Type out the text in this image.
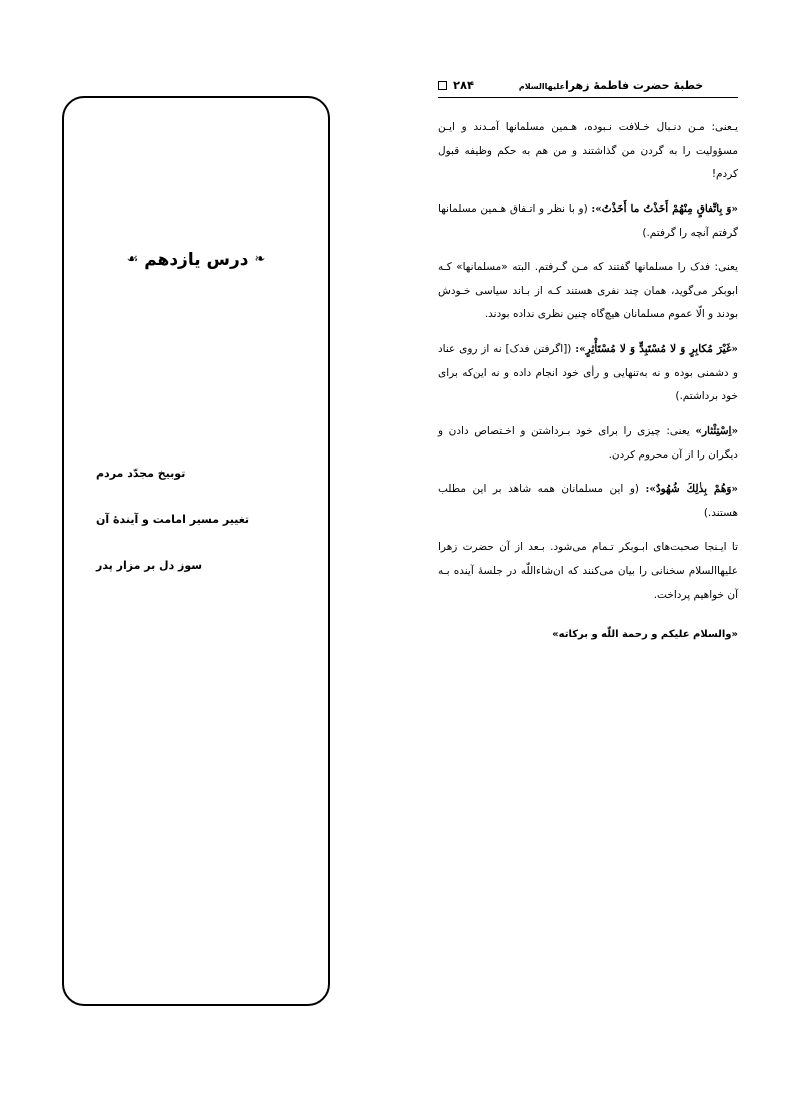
۲۸۴	خطبهٔ حضرت فاطمهٔ زهراعلیهاالسلام

یـعنی: مـن دنـبال خـلافت نـبوده، هـمین مسلمانها آمـدند و ایـن مسؤولیت را به گردن من گذاشتند و من هم به حکم وظیفه قبول کردم!

«وَ بِاتِّفاقٍ مِنْهُمْ أَخَذْتُ ما أَخَذْتُ»: (و با نظر و اتـفاق هـمین مسلمانها گرفتم آنچه را گرفتم.)

یعنی: فدک را مسلمانها گفتند که مـن گـرفتم. البته «مسلمانها» کـه ابوبکر می‌گوید، همان چند نفری هستند کـه از بـاند سیاسی خـودش بودند و الّا عموم مسلمانان هیچ‌گاه چنین نظری نداده بودند.

«غَیْرَ مُکابِرٍ وَ لا مُسْتَبِدٍّ وَ لا مُسْتَأْثِرٍ»: ([اگرفتن فدک] نه از روی عناد و دشمنی بوده و نه به‌تنهایی و رأی خود انجام داده و نه این‌که برای خود برداشتم.)

«اِسْتِئْثار» یعنی: چیزی را برای خود بـرداشتن و اخـتصاص دادن و دیگران را از آن محروم کردن.

«وَهُمْ بِذٰلِكَ شُهُودٌ»: (و این مسلمانان همه شاهد بر این مطلب هستند.)

تا ایـنجا صحبت‌های ابـوبکر تـمام می‌شود. بـعد از آن حضرت زهرا علیهاالسلام سخنانی را بیان می‌کنند که ان‌شاءاللّٰه در جلسهٔ آینده بـه آن خواهیم پرداخت.

«والسلام علیکم و رحمة اللّٰه و برکاته»

❧ درس یازدهم ☙
توبیخ مجدّد مردم
تغییر مسیر امامت و آیندهٔ آن
سوز دل بر مزار پدر
